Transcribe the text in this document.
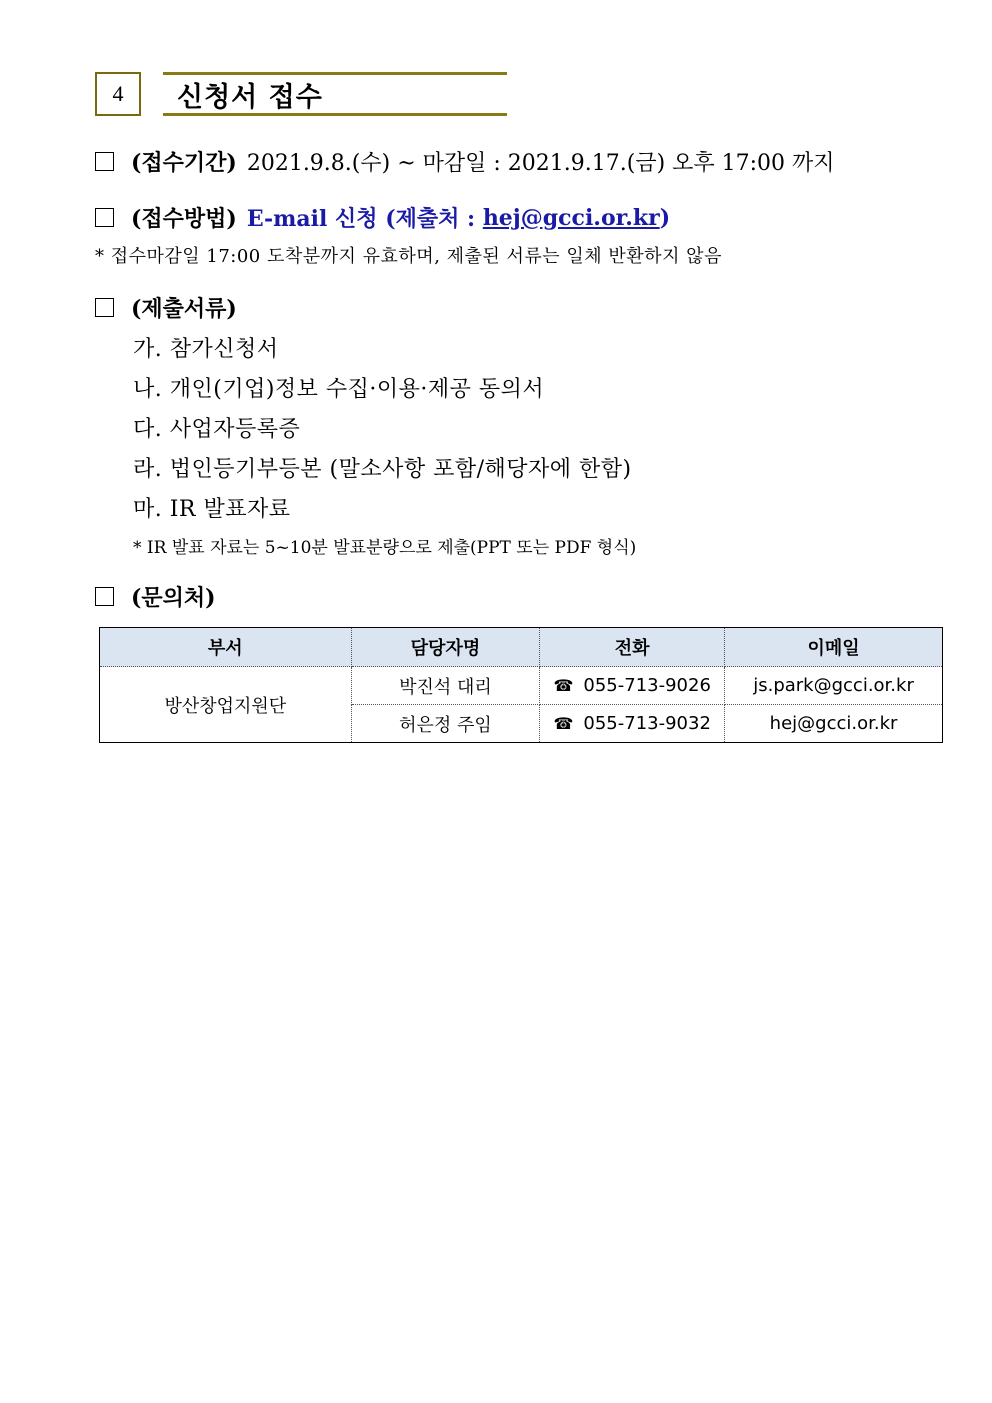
4	신청서 접수
(접수기간) 2021.9.8.(수) ~ 마감일 : 2021.9.17.(금) 오후 17:00 까지
(접수방법) E-mail 신청 (제출처 : hej@gcci.or.kr )
* 접수마감일 17:00 도착분까지 유효하며, 제출된 서류는 일체 반환하지 않음
(제출서류)
가. 참가신청서
나. 개인(기업)정보 수집·이용·제공 동의서
다. 사업자등록증
라. 법인등기부등본 (말소사항 포함/해당자에 한함)
마. IR 발표자료
* IR 발표 자료는 5~10분 발표분량으로 제출(PPT 또는 PDF 형식)
(문의처)
부서	담당자명	전화	이메일
방산창업지원단	박진석 대리	☎ 055-713-9026	js.park@gcci.or.kr
	허은정 주임	☎ 055-713-9032	hej@gcci.or.kr
